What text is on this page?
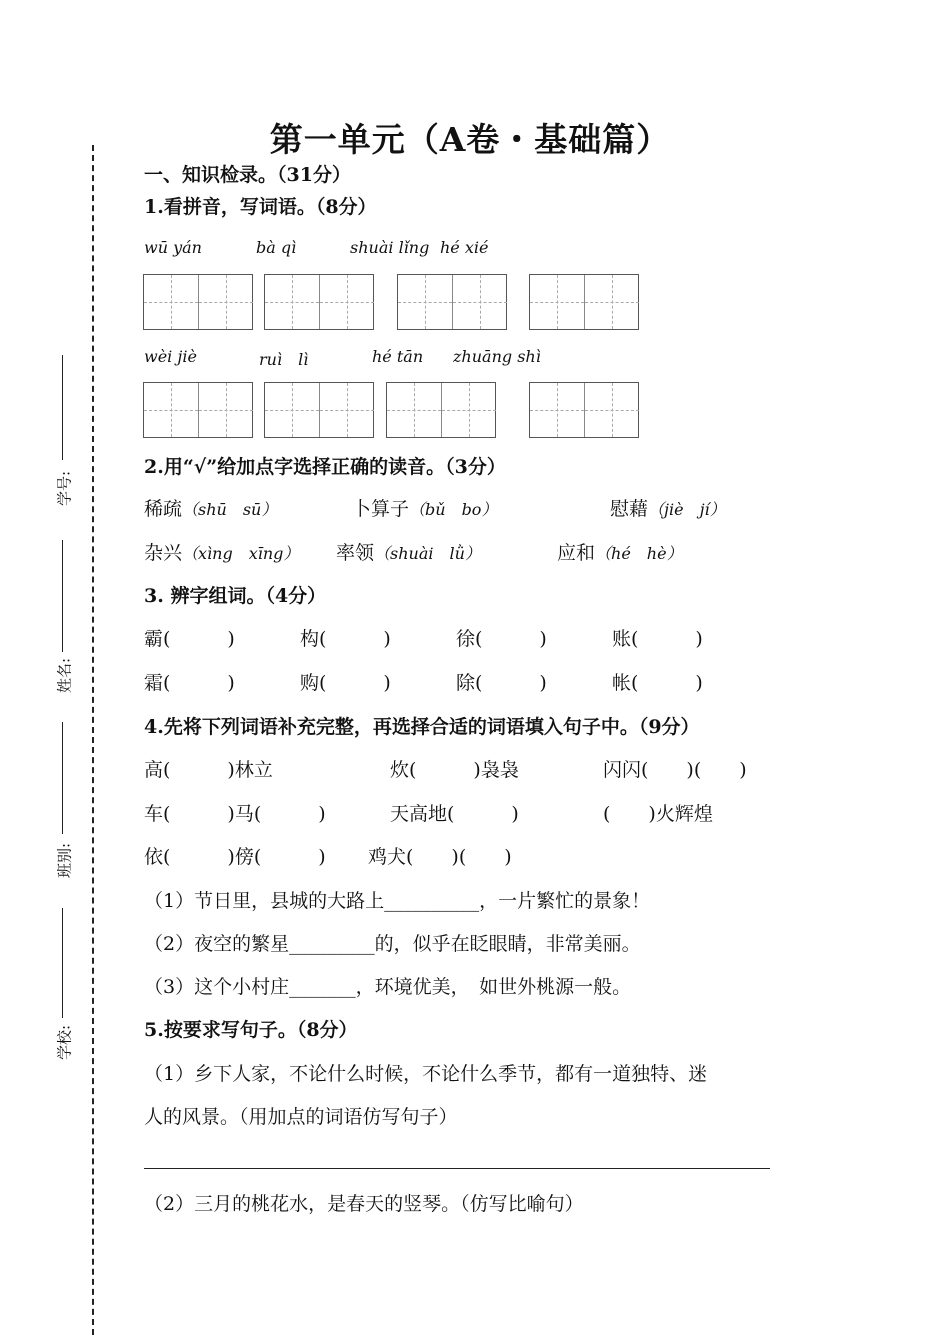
学号:
姓名:
班别:
学校:
第一单元（A卷・基础篇）
一、知识检录。（31分）
1.看拼音，写词语。（8分）
wū yán	bà qì	shuài lǐng hé xié
wèi jiè	ruì　lì	hé tān zhuāng shì
2.用“√”给加点字选择正确的读音。（3分）
稀疏（shū　sū）	卜算子（bǔ　bo）	慰藉（jiè　jí）
杂兴（xìng　xīng） 率领（shuài　lǜ）	应和（hé　hè）
3. 辨字组词。（4分）
霸(　　　)	构(　　　)	徐(　　　)	账(　　　)
霜(　　　)	购(　　　)	除(　　　)	帐(　　　)
4.先将下列词语补充完整，再选择合适的词语填入句子中。（9分）
高(　　　)林立	炊(　　　)袅袅	闪闪(　　)(　　)
车(　　　)马(　　　)	天高地(　　　)	(　　)火辉煌
依(　　　)傍(　　　) 鸡犬(　　)(　　)
（1）节日里，县城的大路上__________，一片繁忙的景象！
（2）夜空的繁星_________的，似乎在眨眼睛，非常美丽。
（3）这个小村庄_______，环境优美，　如世外桃源一般。
5.按要求写句子。（8分）
（1）乡下人家，不论什么时候，不论什么季节，都有一道独特、迷
人的风景。（用加点的词语仿写句子）
（2）三月的桃花水，是春天的竖琴。（仿写比喻句）
